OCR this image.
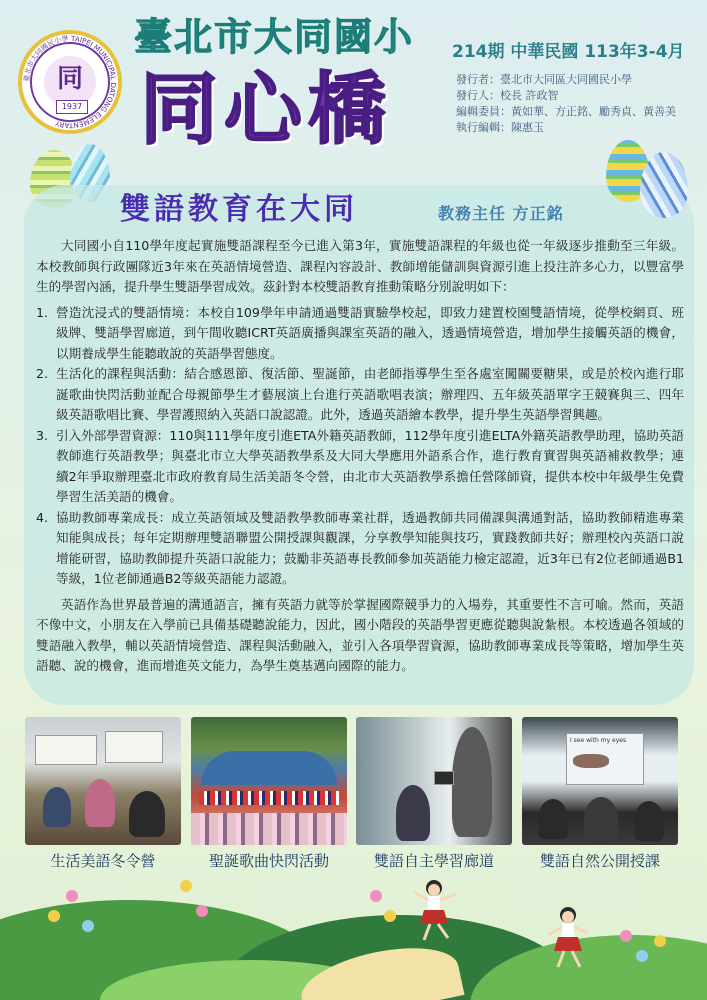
臺北市大同國民小學 TAIPEI MUNICIPAL DATONG ELEMENTARY
同
1937
臺北市大同國小
同心橋
214期 中華民國 113年3-4月
發行者：臺北市大同區大同國民小學
發行人：校長 許政智
編輯委員：黃如華、方正銘、勵秀貞、黃善美
執行編輯：陳惠玉
雙語教育在大同	教務主任 方正銘

大同國小自110學年度起實施雙語課程至今已進入第3年，實施雙語課程的年級也從一年級逐步推動至三年級。本校教師與行政團隊近3年來在英語情境營造、課程內容設計、教師增能儲訓與資源引進上投注許多心力，以豐富學生的學習內涵，提升學生雙語學習成效。茲針對本校雙語教育推動策略分別說明如下：

1. 營造沈浸式的雙語情境：本校自109學年申請通過雙語實驗學校起，即致力建置校園雙語情境，從學校網頁、班級牌、雙語學習廊道，到午間收聽ICRT英語廣播與課室英語的融入，透過情境營造，增加學生接觸英語的機會，以期養成學生能聽敢說的英語學習態度。
2. 生活化的課程與活動：結合感恩節、復活節、聖誕節，由老師指導學生至各處室闖關要糖果，或是於校內進行耶誕歌曲快閃活動並配合母親節學生才藝展演上台進行英語歌唱表演；辦理四、五年級英語單字王競賽與三、四年級英語歌唱比賽、學習護照納入英語口說認證。此外，透過英語繪本教學，提升學生英語學習興趣。
3. 引入外部學習資源：110與111學年度引進ETA外籍英語教師，112學年度引進ELTA外籍英語教學助理，協助英語教師進行英語教學；與臺北市立大學英語教學系及大同大學應用外語系合作，進行教育實習與英語補救教學；連續2年爭取辦理臺北市政府教育局生活美語冬令營，由北市大英語教學系擔任營隊師資，提供本校中年級學生免費學習生活美語的機會。
4. 協助教師專業成長：成立英語領域及雙語教學教師專業社群，透過教師共同備課與溝通對話，協助教師精進專業知能與成長；每年定期辦理雙語聯盟公開授課與觀課，分享教學知能與技巧，實踐教師共好；辦理校內英語口說增能研習，協助教師提升英語口說能力；鼓勵非英語專長教師參加英語能力檢定認證，近3年已有2位老師通過B1等級，1位老師通過B2等級英語能力認證。

英語作為世界最普遍的溝通語言，擁有英語力就等於掌握國際競爭力的入場券，其重要性不言可喻。然而，英語不像中文，小朋友在入學前已具備基礎聽說能力，因此，國小階段的英語學習更應從聽與說紮根。本校透過各領域的雙語融入教學，輔以英語情境營造、課程與活動融入，並引入各項學習資源，協助教師專業成長等策略，增加學生英語聽、說的機會，進而增進英文能力，為學生奠基邁向國際的能力。

I see with my eyes
生活美語冬令營	聖誕歌曲快閃活動	雙語自主學習廊道	雙語自然公開授課
